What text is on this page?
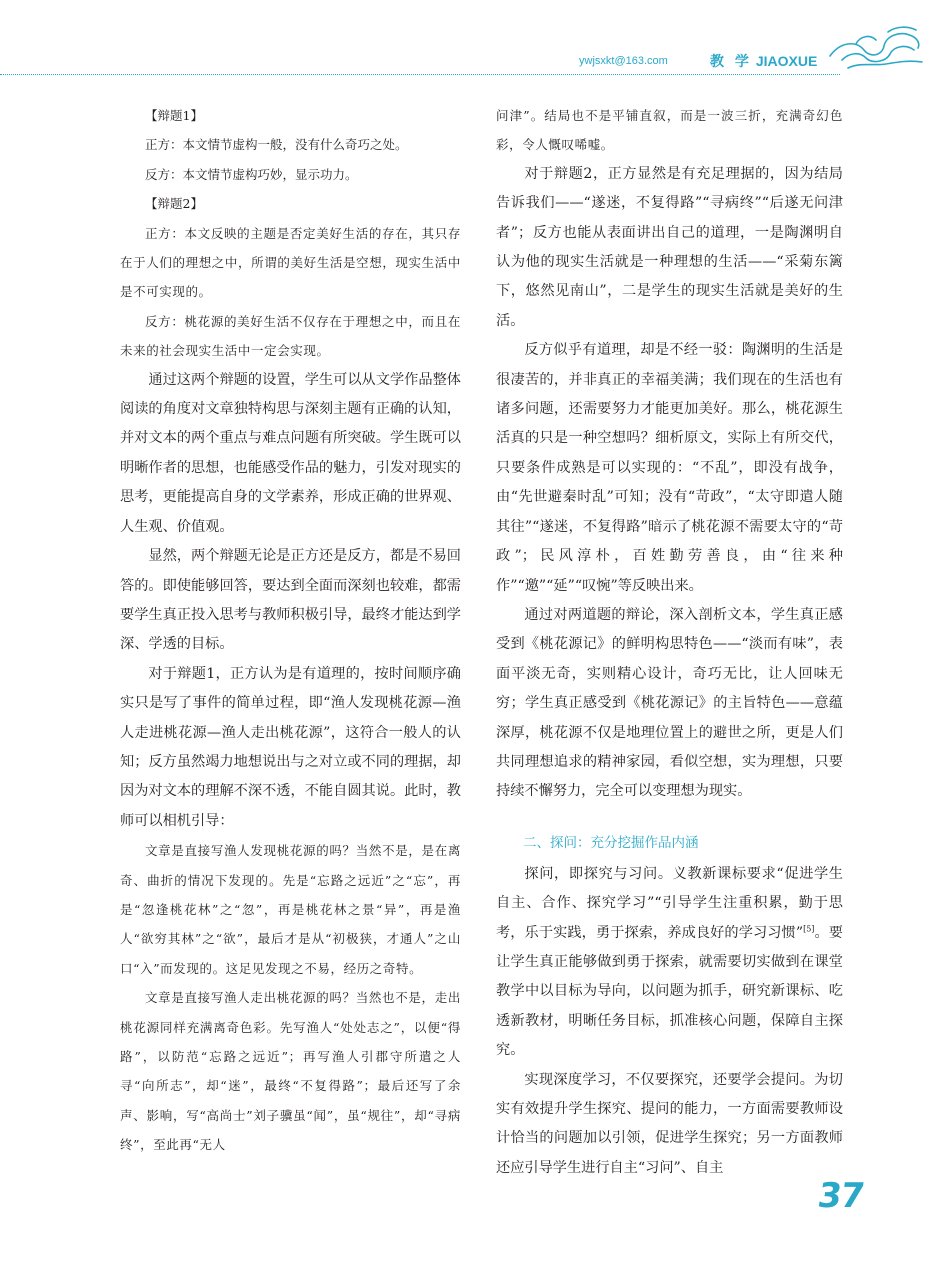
ywjsxkt@163.com	教 学 JIAOXUE

【辩题1】

正方：本文情节虚构一般，没有什么奇巧之处。

反方：本文情节虚构巧妙，显示功力。

【辩题2】

正方：本文反映的主题是否定美好生活的存在，其只存在于人们的理想之中，所谓的美好生活是空想，现实生活中是不可实现的。

反方：桃花源的美好生活不仅存在于理想之中，而且在未来的社会现实生活中一定会实现。

通过这两个辩题的设置，学生可以从文学作品整体阅读的角度对文章独特构思与深刻主题有正确的认知，并对文本的两个重点与难点问题有所突破。学生既可以明晰作者的思想，也能感受作品的魅力，引发对现实的思考，更能提高自身的文学素养，形成正确的世界观、人生观、价值观。

显然，两个辩题无论是正方还是反方，都是不易回答的。即使能够回答，要达到全面而深刻也较难，都需要学生真正投入思考与教师积极引导，最终才能达到学深、学透的目标。

对于辩题1，正方认为是有道理的，按时间顺序确实只是写了事件的简单过程，即“渔人发现桃花源—渔人走进桃花源—渔人走出桃花源”，这符合一般人的认知；反方虽然竭力地想说出与之对立或不同的理据，却因为对文本的理解不深不透，不能自圆其说。此时，教师可以相机引导：

文章是直接写渔人发现桃花源的吗？当然不是，是在离奇、曲折的情况下发现的。先是“忘路之远近”之“忘”，再是“忽逢桃花林”之“忽”，再是桃花林之景“异”，再是渔人“欲穷其林”之“欲”，最后才是从“初极狭，才通人”之山口“入”而发现的。这足见发现之不易，经历之奇特。

文章是直接写渔人走出桃花源的吗？当然也不是，走出桃花源同样充满离奇色彩。先写渔人“处处志之”，以便“得路”，以防范“忘路之远近”；再写渔人引郡守所遣之人寻“向所志”，却“迷”，最终“不复得路”；最后还写了余声、影响，写“高尚士”刘子骥虽“闻”，虽“规往”，却“寻病终”，至此再“无人

问津”。结局也不是平铺直叙，而是一波三折，充满奇幻色彩，令人慨叹唏嘘。

对于辩题2，正方显然是有充足理据的，因为结局告诉我们——“遂迷，不复得路”“寻病终”“后遂无问津者”；反方也能从表面讲出自己的道理，一是陶渊明自认为他的现实生活就是一种理想的生活——“采菊东篱下，悠然见南山”，二是学生的现实生活就是美好的生活。

反方似乎有道理，却是不经一驳：陶渊明的生活是很凄苦的，并非真正的幸福美满；我们现在的生活也有诸多问题，还需要努力才能更加美好。那么，桃花源生活真的只是一种空想吗？细析原文，实际上有所交代，只要条件成熟是可以实现的：“不乱”，即没有战争，由“先世避秦时乱”可知；没有“苛政”，“太守即遣人随其往”“遂迷，不复得路”暗示了桃花源不需要太守的“苛政”；民风淳朴，百姓勤劳善良，由“往来种作”“邀”“延”“叹惋”等反映出来。

通过对两道题的辩论，深入剖析文本，学生真正感受到《桃花源记》的鲜明构思特色——“淡而有味”，表面平淡无奇，实则精心设计，奇巧无比，让人回味无穷；学生真正感受到《桃花源记》的主旨特色——意蕴深厚，桃花源不仅是地理位置上的避世之所，更是人们共同理想追求的精神家园，看似空想，实为理想，只要持续不懈努力，完全可以变理想为现实。

二、探问：充分挖掘作品内涵

探问，即探究与习问。义教新课标要求“促进学生自主、合作、探究学习”“引导学生注重积累，勤于思考，乐于实践，勇于探索，养成良好的学习习惯”[5]。要让学生真正能够做到勇于探索，就需要切实做到在课堂教学中以目标为导向，以问题为抓手，研究新课标、吃透新教材，明晰任务目标，抓准核心问题，保障自主探究。

实现深度学习，不仅要探究，还要学会提问。为切实有效提升学生探究、提问的能力，一方面需要教师设计恰当的问题加以引领，促进学生探究；另一方面教师还应引导学生进行自主“习问”、自主

37
